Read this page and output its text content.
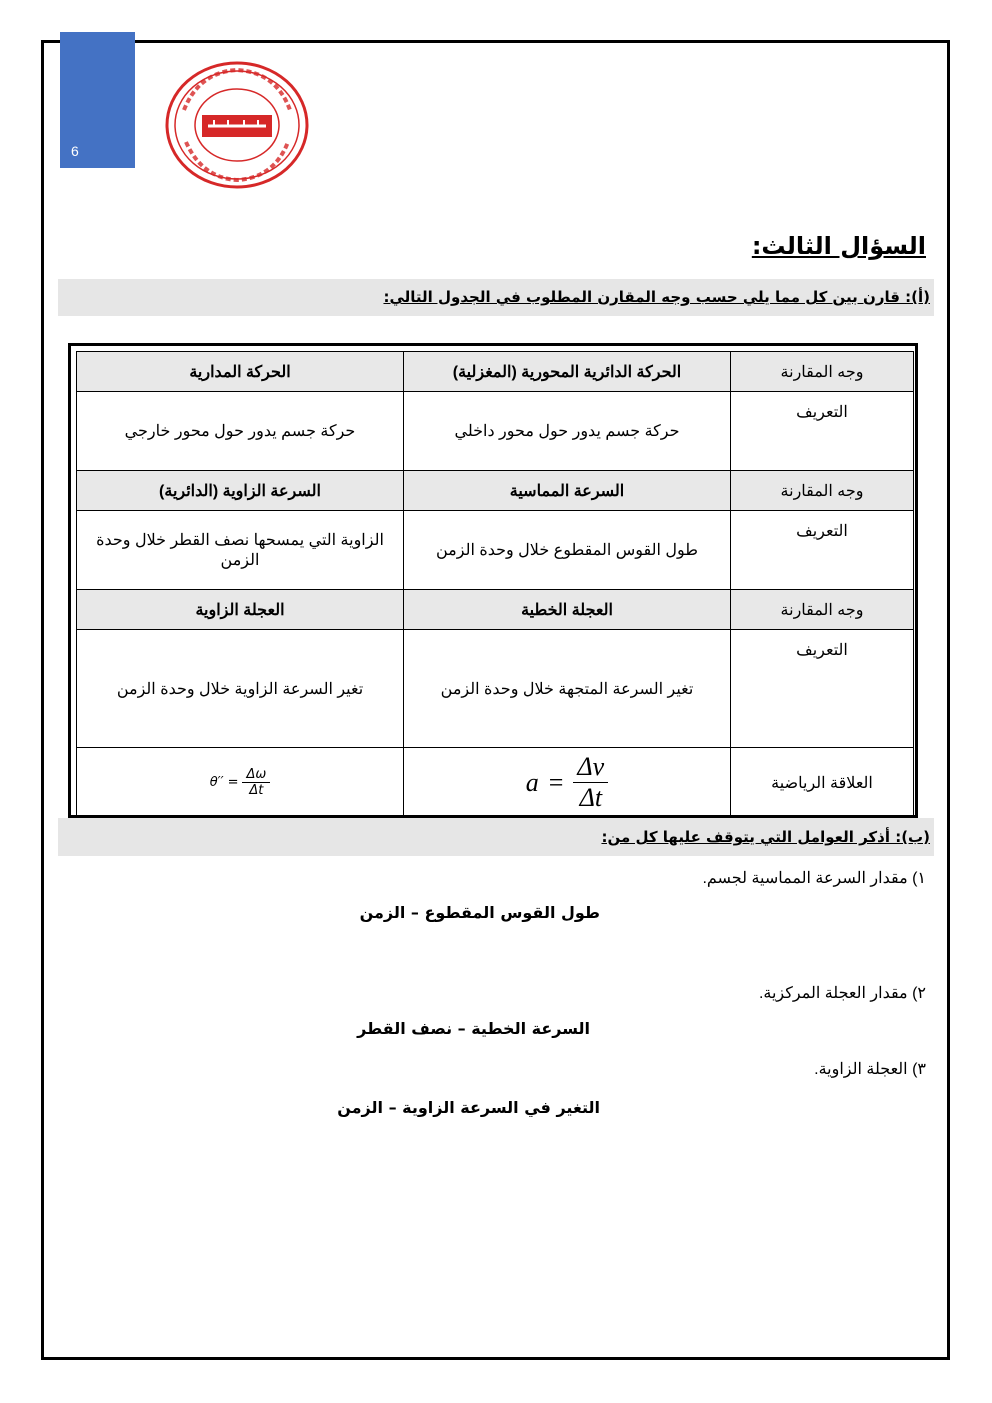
6
السؤال الثالث:
(أ): قارن بين كل مما يلي حسب وجه المقارن المطلوب في الجدول التالي:
وجه المقارنة	الحركة الدائرية المحورية (المغزلية)	الحركة المدارية
التعريف	حركة جسم يدور حول محور داخلي	حركة جسم يدور حول محور خارجي
وجه المقارنة	السرعة المماسية	السرعة الزاوية (الدائرية)
التعريف	طول القوس المقطوع خلال وحدة الزمن	الزاوية التي يمسحها نصف القطر خلال وحدة الزمن
وجه المقارنة	العجلة الخطية	العجلة الزاوية
التعريف	تغير السرعة المتجهة خلال وحدة الزمن	تغير السرعة الزاوية خلال وحدة الزمن
العلاقة الرياضية	$a = \frac{\Delta v}{\Delta t}$	$\theta'' = \frac{\Delta\omega}{\Delta t}$
(ب): أذكر العوامل التي يتوقف عليها كل من:
١) مقدار السرعة المماسية لجسم.
طول القوس المقطوع – الزمن
٢) مقدار العجلة المركزية.
السرعة الخطية – نصف القطر
٣) العجلة الزاوية.
التغير في السرعة الزاوية – الزمن
